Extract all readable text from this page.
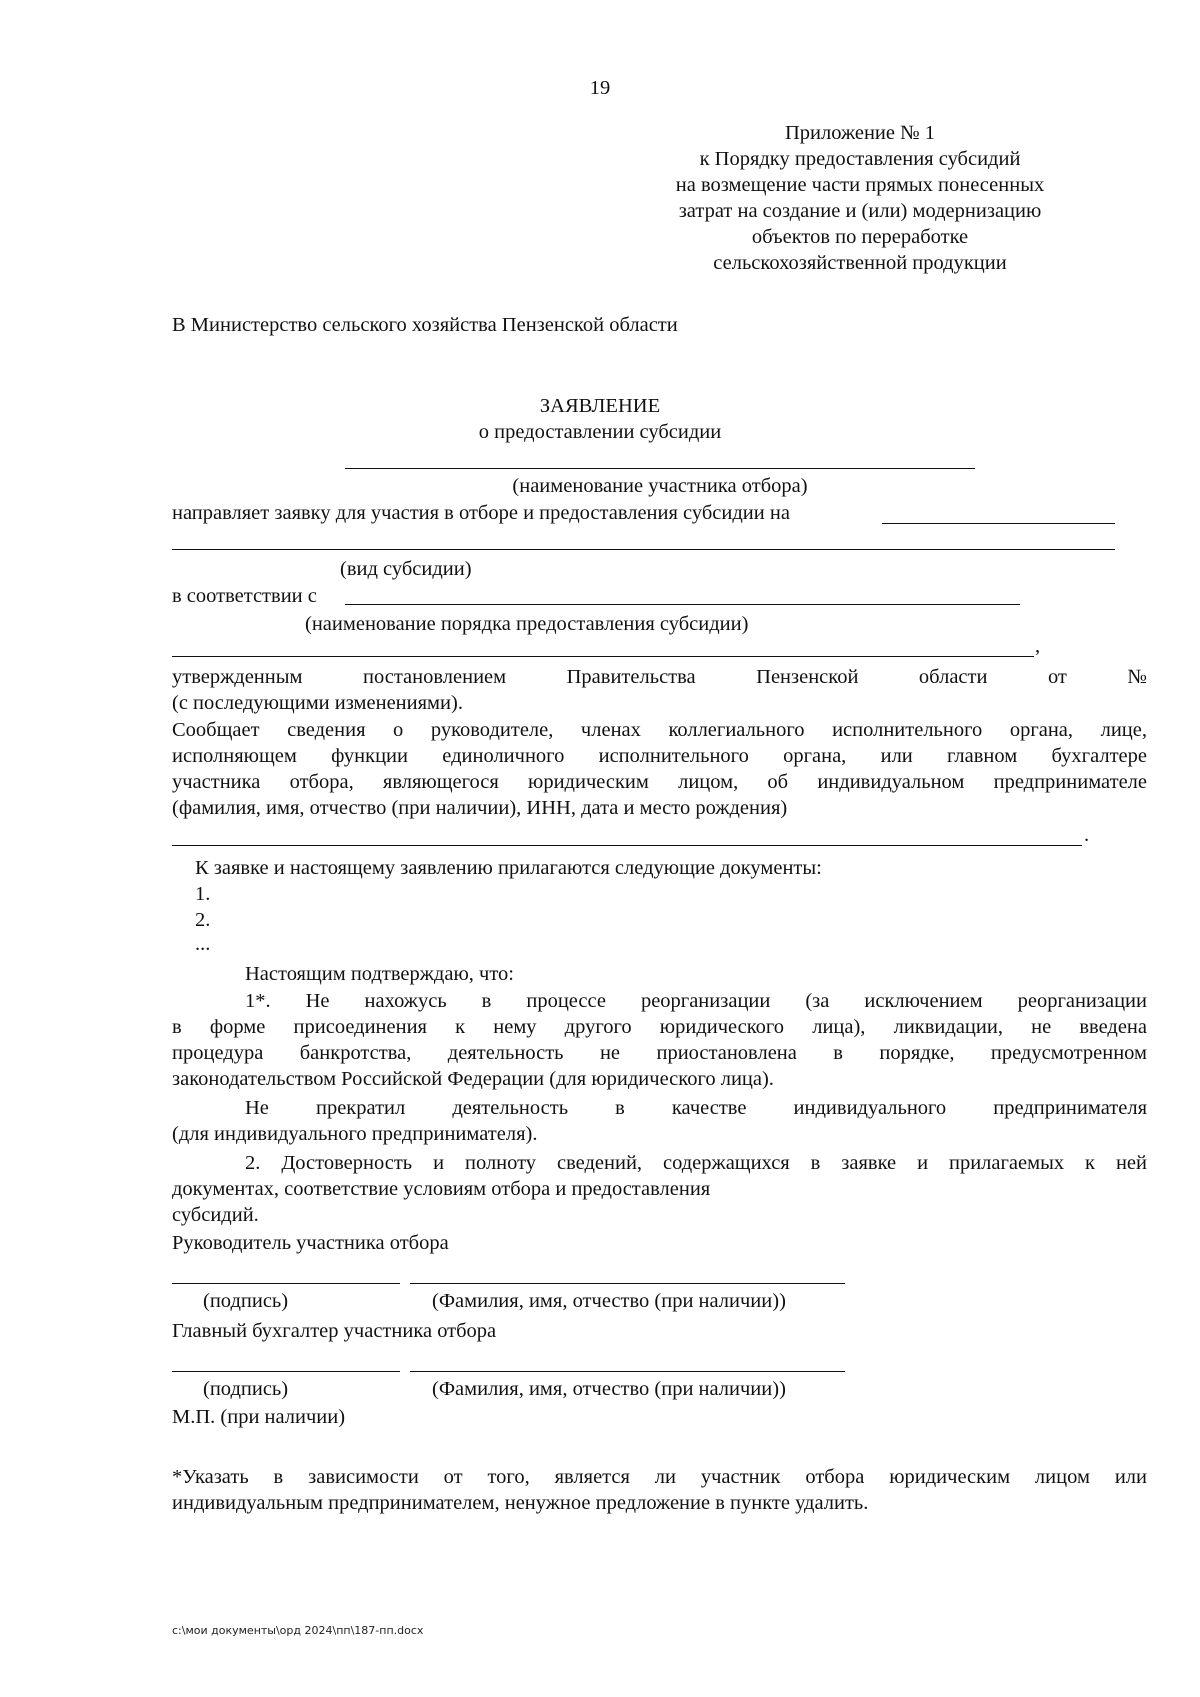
19
Приложение № 1
к Порядку предоставления субсидий
на возмещение части прямых понесенных
затрат на создание и (или) модернизацию
объектов по переработке
сельскохозяйственной продукции
В Министерство сельского хозяйства Пензенской области
ЗАЯВЛЕНИЕ
о предоставлении субсидии
(наименование участника отбора)
направляет заявку для участия в отборе и предоставления субсидии на
(вид субсидии)
в соответствии с
(наименование порядка предоставления субсидии)
,
утвержденным	постановлением	Правительства	Пензенской	области	от	№
(с последующими изменениями).
Сообщает сведения о руководителе, членах коллегиального исполнительного органа, лице,
исполняющем функции единоличного исполнительного органа, или главном бухгалтере
участника отбора, являющегося юридическим лицом, об индивидуальном предпринимателе
(фамилия, имя, отчество (при наличии), ИНН, дата и место рождения)
.
К заявке и настоящему заявлению прилагаются следующие документы:
1.
2.
...
Настоящим подтверждаю, что:
1*. Не нахожусь в процессе реорганизации (за исключением реорганизации
в форме присоединения к нему другого юридического лица), ликвидации, не введена
процедура банкротства, деятельность не приостановлена в порядке, предусмотренном
законодательством Российской Федерации (для юридического лица).
Не прекратил деятельность в качестве индивидуального предпринимателя
(для индивидуального предпринимателя).
2. Достоверность и полноту сведений, содержащихся в заявке и прилагаемых к ней
документах, соответствие условиям отбора и предоставления
субсидий.
Руководитель участника отбора
(подпись)	(Фамилия, имя, отчество (при наличии))
Главный бухгалтер участника отбора
(подпись)	(Фамилия, имя, отчество (при наличии))
М.П. (при наличии)
*Указать в зависимости от того, является ли участник отбора юридическим лицом или
индивидуальным предпринимателем, ненужное предложение в пункте удалить.
c:\мои документы\орд 2024\пп\187-пп.docx
